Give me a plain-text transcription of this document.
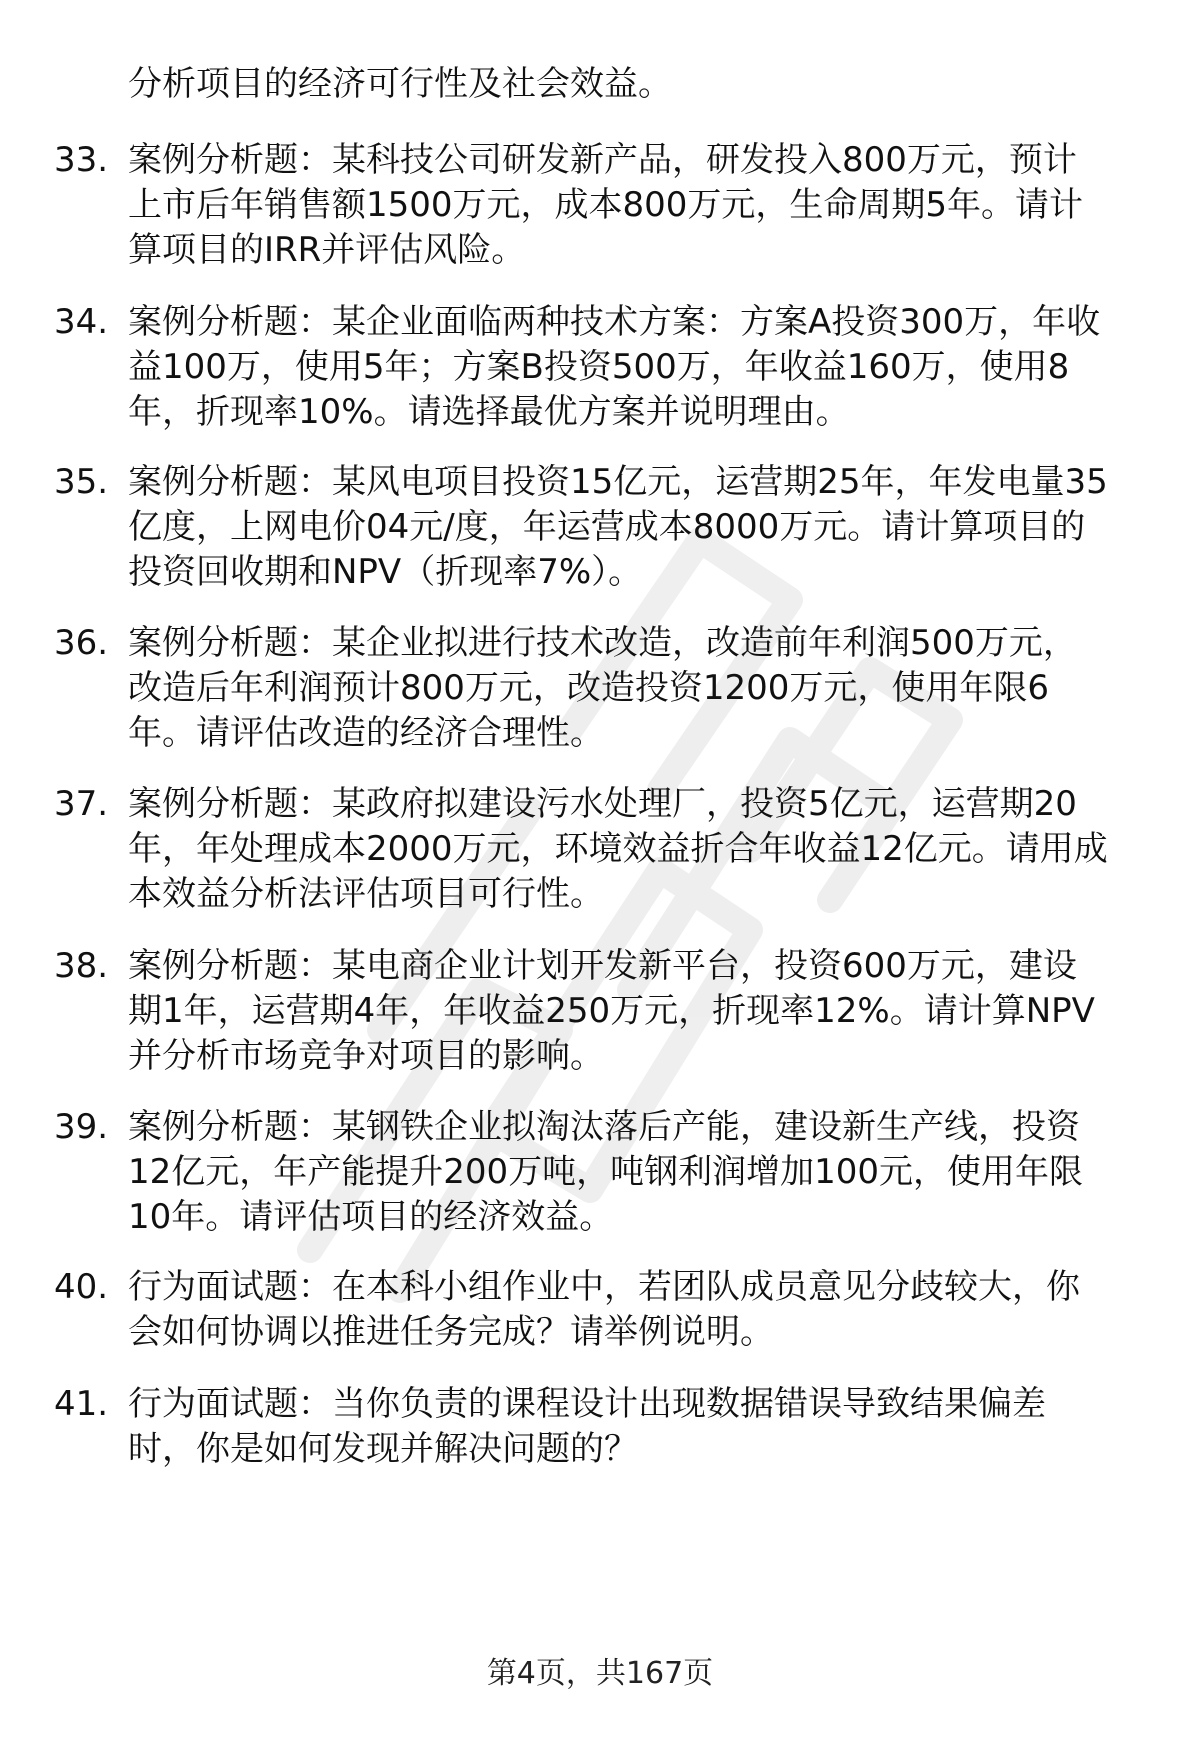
分析项目的经济可行性及社会效益。
33. 案例分析题：某科技公司研发新产品，研发投入800万元，预计
上市后年销售额1500万元，成本800万元，生命周期5年。请计
算项目的IRR并评估风险。
34. 案例分析题：某企业面临两种技术方案：方案A投资300万，年收
益100万，使用5年；方案B投资500万，年收益160万，使用8
年，折现率10%。请选择最优方案并说明理由。
35. 案例分析题：某风电项目投资15亿元，运营期25年，年发电量35
亿度，上网电价04元/度，年运营成本8000万元。请计算项目的
投资回收期和NPV（折现率7%）。
36. 案例分析题：某企业拟进行技术改造，改造前年利润500万元，
改造后年利润预计800万元，改造投资1200万元，使用年限6
年。请评估改造的经济合理性。
37. 案例分析题：某政府拟建设污水处理厂，投资5亿元，运营期20
年，年处理成本2000万元，环境效益折合年收益12亿元。请用成
本效益分析法评估项目可行性。
38. 案例分析题：某电商企业计划开发新平台，投资600万元，建设
期1年，运营期4年，年收益250万元，折现率12%。请计算NPV
并分析市场竞争对项目的影响。
39. 案例分析题：某钢铁企业拟淘汰落后产能，建设新生产线，投资
12亿元，年产能提升200万吨，吨钢利润增加100元，使用年限
10年。请评估项目的经济效益。
40. 行为面试题：在本科小组作业中，若团队成员意见分歧较大，你
会如何协调以推进任务完成？请举例说明。
41. 行为面试题：当你负责的课程设计出现数据错误导致结果偏差
时，你是如何发现并解决问题的？
第4页，共167页
